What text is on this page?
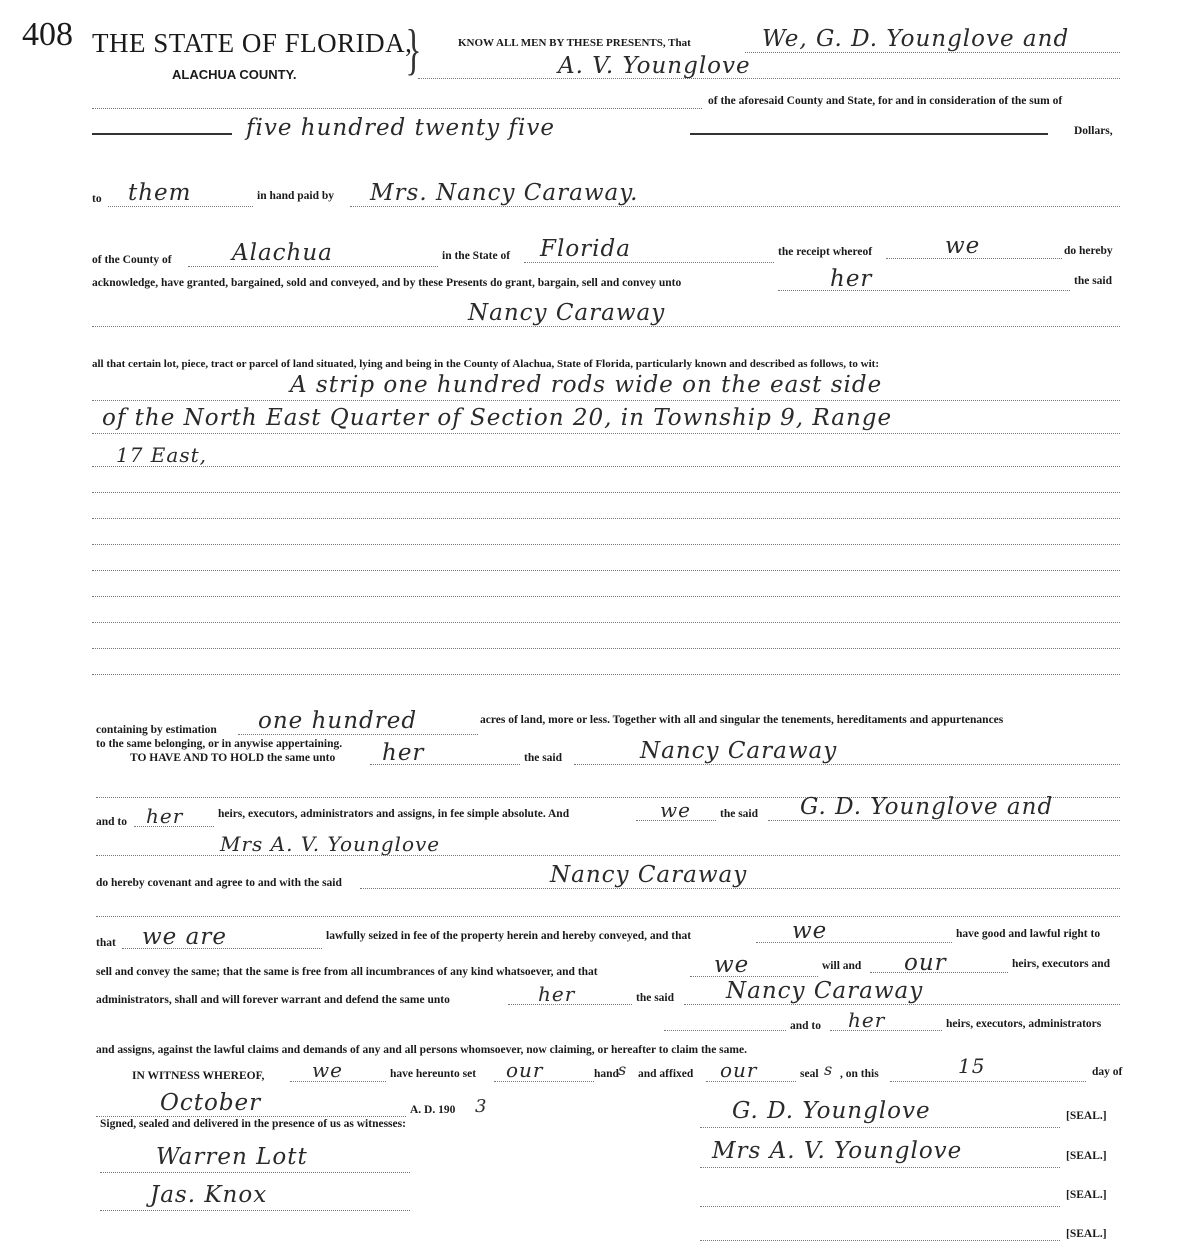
408 THE STATE OF FLORIDA,
}
ALACHUA COUNTY.
KNOW ALL MEN BY THESE PRESENTS, That	We, G. D. Younglove and
A. V. Younglove
of the aforesaid County and State, for and in consideration of the sum of
five hundred twenty five	Dollars,
to them	in hand paid by Mrs. Nancy Caraway.
of the County of	Alachua	in the State of Florida	the receipt whereof	we	do hereby
acknowledge, have granted, bargained, sold and conveyed, and by these Presents do grant, bargain, sell and convey unto	her	the said
Nancy Caraway
all that certain lot, piece, tract or parcel of land situated, lying and being in the County of Alachua, State of Florida, particularly known and described as follows, to wit:
A strip one hundred rods wide on the east side
of the North East Quarter of Section 20, in Township 9, Range
17 East,
containing by estimation one hundred	acres of land, more or less. Together with all and singular the tenements, hereditaments and appurtenances
to the same belonging, or in anywise appertaining.
TO HAVE AND TO HOLD the same unto her	the said	Nancy Caraway
and to her	heirs, executors, administrators and assigns, in fee simple absolute. And	we	the said G. D. Younglove and
Mrs A. V. Younglove
do hereby covenant and agree to and with the said	Nancy Caraway
that we are	lawfully seized in fee of the property herein and hereby conveyed, and that	we	have good and lawful right to
sell and convey the same; that the same is free from all incumbrances of any kind whatsoever, and that	we	will and our	heirs, executors and
administrators, shall and will forever warrant and defend the same unto	her	the said Nancy Caraway
and to her	heirs, executors, administrators
and assigns, against the lawful claims and demands of any and all persons whomsoever, now claiming, or hereafter to claim the same.
IN WITNESS WHEREOF, we	have hereunto set our	hand s and affixed our	seal s , on this	15	day of
October	A. D. 190 3
Signed, sealed and delivered in the presence of us as witnesses:	G. D. Younglove	[SEAL.]
Mrs A. V. Younglove	[SEAL.]
[SEAL.]
[SEAL.]
Warren Lott
Jas. Knox
